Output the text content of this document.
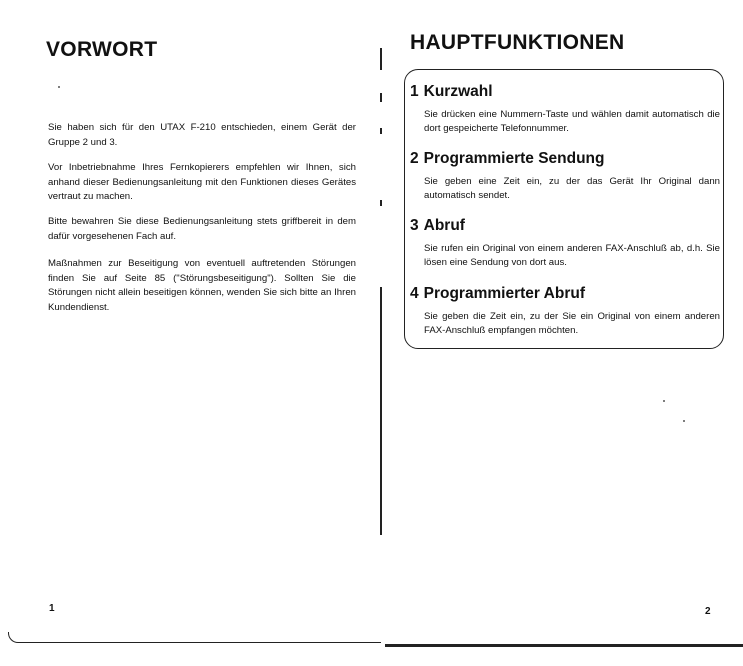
VORWORT

Sie haben sich für den UTAX F-210 entschieden, einem Gerät der Gruppe 2 und 3.

Vor Inbetriebnahme Ihres Fernkopierers empfehlen wir Ihnen, sich anhand dieser Bedienungsanleitung mit den Funktionen dieses Gerätes vertraut zu machen.

Bitte bewahren Sie diese Bedienungsanleitung stets griffbereit in dem dafür vorgesehenen Fach auf.

Maßnahmen zur Beseitigung von eventuell auftretenden Störungen finden Sie auf Seite 85 ("Störungsbeseitigung"). Sollten Sie die Störungen nicht allein beseitigen können, wenden Sie sich bitte an Ihren Kundendienst.

1
HAUPTFUNKTIONEN
1 Kurzwahl

Sie drücken eine Nummern-Taste und wählen damit automatisch die dort gespeicherte Telefonnummer.

2 Programmierte Sendung

Sie geben eine Zeit ein, zu der das Gerät Ihr Original dann automatisch sendet.

3 Abruf

Sie rufen ein Original von einem anderen FAX-Anschluß ab, d.h. Sie lösen eine Sendung von dort aus.

4 Programmierter Abruf

Sie geben die Zeit ein, zu der Sie ein Original von einem anderen FAX-Anschluß empfangen möchten.

2
